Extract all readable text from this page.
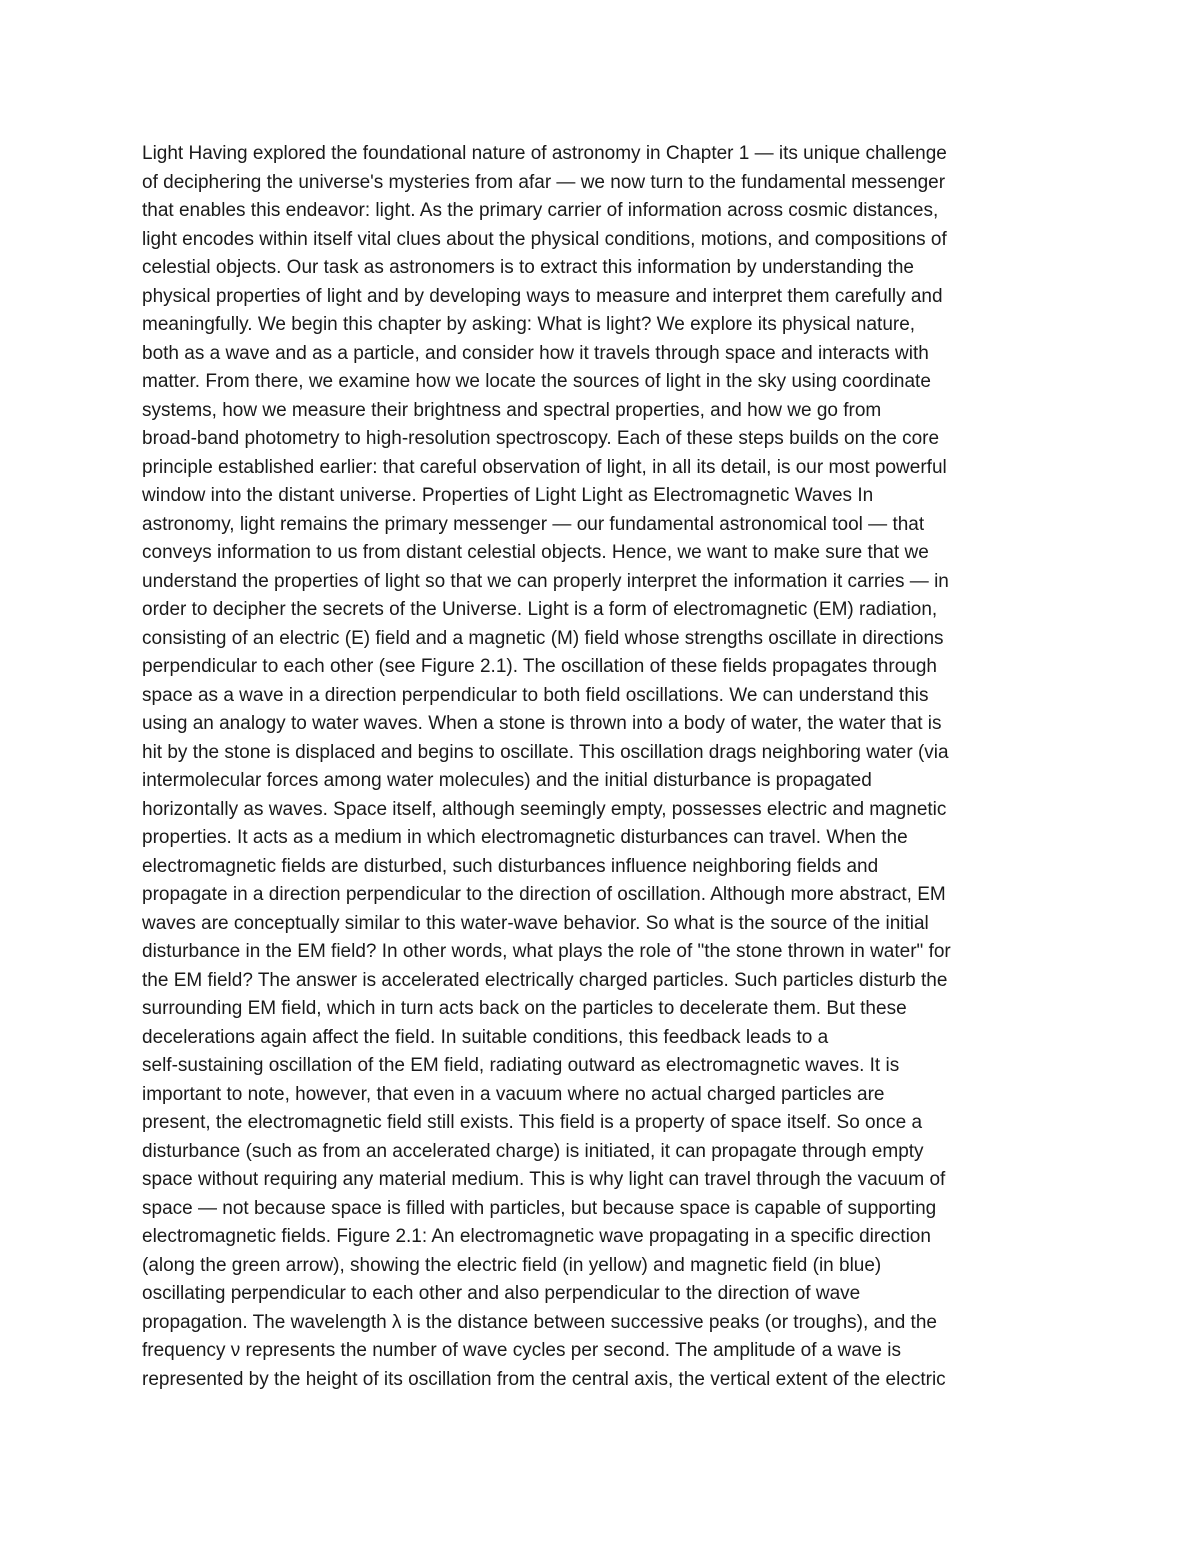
Light Having explored the foundational nature of astronomy in Chapter 1 — its unique challenge
of deciphering the universe's mysteries from afar — we now turn to the fundamental messenger
that enables this endeavor: light. As the primary carrier of information across cosmic distances,
light encodes within itself vital clues about the physical conditions, motions, and compositions of
celestial objects. Our task as astronomers is to extract this information by understanding the
physical properties of light and by developing ways to measure and interpret them carefully and
meaningfully. We begin this chapter by asking: What is light? We explore its physical nature,
both as a wave and as a particle, and consider how it travels through space and interacts with
matter. From there, we examine how we locate the sources of light in the sky using coordinate
systems, how we measure their brightness and spectral properties, and how we go from
broad-band photometry to high-resolution spectroscopy. Each of these steps builds on the core
principle established earlier: that careful observation of light, in all its detail, is our most powerful
window into the distant universe. Properties of Light Light as Electromagnetic Waves In
astronomy, light remains the primary messenger — our fundamental astronomical tool — that
conveys information to us from distant celestial objects. Hence, we want to make sure that we
understand the properties of light so that we can properly interpret the information it carries — in
order to decipher the secrets of the Universe. Light is a form of electromagnetic (EM) radiation,
consisting of an electric (E) field and a magnetic (M) field whose strengths oscillate in directions
perpendicular to each other (see Figure 2.1). The oscillation of these fields propagates through
space as a wave in a direction perpendicular to both field oscillations. We can understand this
using an analogy to water waves. When a stone is thrown into a body of water, the water that is
hit by the stone is displaced and begins to oscillate. This oscillation drags neighboring water (via
intermolecular forces among water molecules) and the initial disturbance is propagated
horizontally as waves. Space itself, although seemingly empty, possesses electric and magnetic
properties. It acts as a medium in which electromagnetic disturbances can travel. When the
electromagnetic fields are disturbed, such disturbances influence neighboring fields and
propagate in a direction perpendicular to the direction of oscillation. Although more abstract, EM
waves are conceptually similar to this water-wave behavior. So what is the source of the initial
disturbance in the EM field? In other words, what plays the role of "the stone thrown in water" for
the EM field? The answer is accelerated electrically charged particles. Such particles disturb the
surrounding EM field, which in turn acts back on the particles to decelerate them. But these
decelerations again affect the field. In suitable conditions, this feedback leads to a
self-sustaining oscillation of the EM field, radiating outward as electromagnetic waves. It is
important to note, however, that even in a vacuum where no actual charged particles are
present, the electromagnetic field still exists. This field is a property of space itself. So once a
disturbance (such as from an accelerated charge) is initiated, it can propagate through empty
space without requiring any material medium. This is why light can travel through the vacuum of
space — not because space is filled with particles, but because space is capable of supporting
electromagnetic fields. Figure 2.1: An electromagnetic wave propagating in a specific direction
(along the green arrow), showing the electric field (in yellow) and magnetic field (in blue)
oscillating perpendicular to each other and also perpendicular to the direction of wave
propagation. The wavelength λ is the distance between successive peaks (or troughs), and the
frequency ν represents the number of wave cycles per second. The amplitude of a wave is
represented by the height of its oscillation from the central axis, the vertical extent of the electric
